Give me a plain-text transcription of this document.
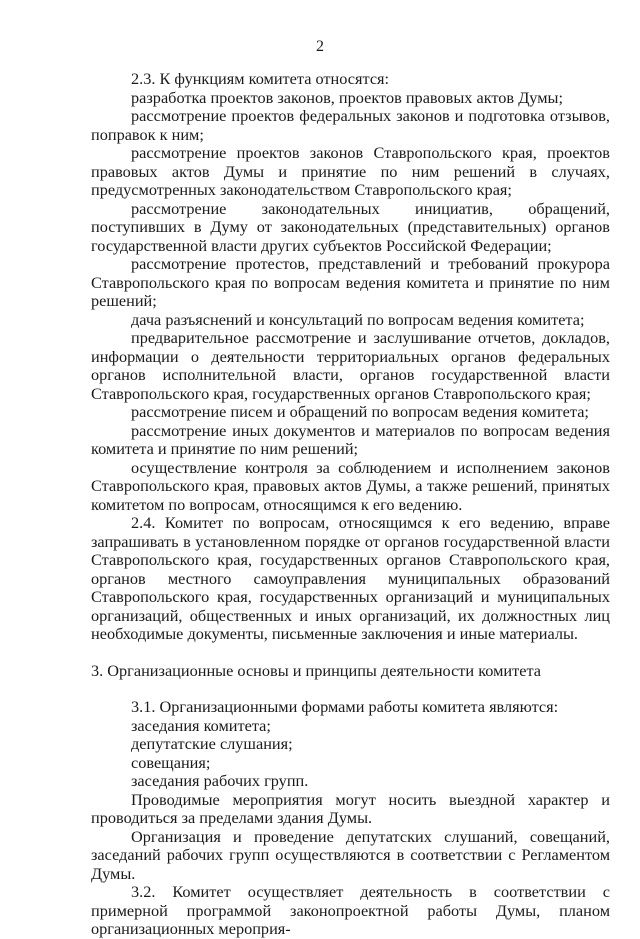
2

2.3. К функциям комитета относятся:

разработка проектов законов, проектов правовых актов Думы;

рассмотрение проектов федеральных законов и подготовка отзывов, поправок к ним;

рассмотрение проектов законов Ставропольского края, проектов правовых актов Думы и принятие по ним решений в случаях, предусмотренных законодательством Ставропольского края;

рассмотрение законодательных инициатив, обращений, поступивших в Думу от законодательных (представительных) органов государственной власти других субъектов Российской Федерации;

рассмотрение протестов, представлений и требований прокурора Ставропольского края по вопросам ведения комитета и принятие по ним решений;

дача разъяснений и консультаций по вопросам ведения комитета;

предварительное рассмотрение и заслушивание отчетов, докладов, информации о деятельности территориальных органов федеральных органов исполнительной власти, органов государственной власти Ставропольского края, государственных органов Ставропольского края;

рассмотрение писем и обращений по вопросам ведения комитета;

рассмотрение иных документов и материалов по вопросам ведения комитета и принятие по ним решений;

осуществление контроля за соблюдением и исполнением законов Ставропольского края, правовых актов Думы, а также решений, принятых комитетом по вопросам, относящимся к его ведению.

2.4. Комитет по вопросам, относящимся к его ведению, вправе запрашивать в установленном порядке от органов государственной власти Ставропольского края, государственных органов Ставропольского края, органов местного самоуправления муниципальных образований Ставропольского края, государственных организаций и муниципальных организаций, общественных и иных организаций, их должностных лиц необходимые документы, письменные заключения и иные материалы.

3. Организационные основы и принципы деятельности комитета

3.1. Организационными формами работы комитета являются:

заседания комитета;

депутатские слушания;

совещания;

заседания рабочих групп.

Проводимые мероприятия могут носить выездной характер и проводиться за пределами здания Думы.

Организация и проведение депутатских слушаний, совещаний, заседаний рабочих групп осуществляются в соответствии с Регламентом Думы.

3.2. Комитет осуществляет деятельность в соответствии с примерной программой законопроектной работы Думы, планом организационных мероприя-
